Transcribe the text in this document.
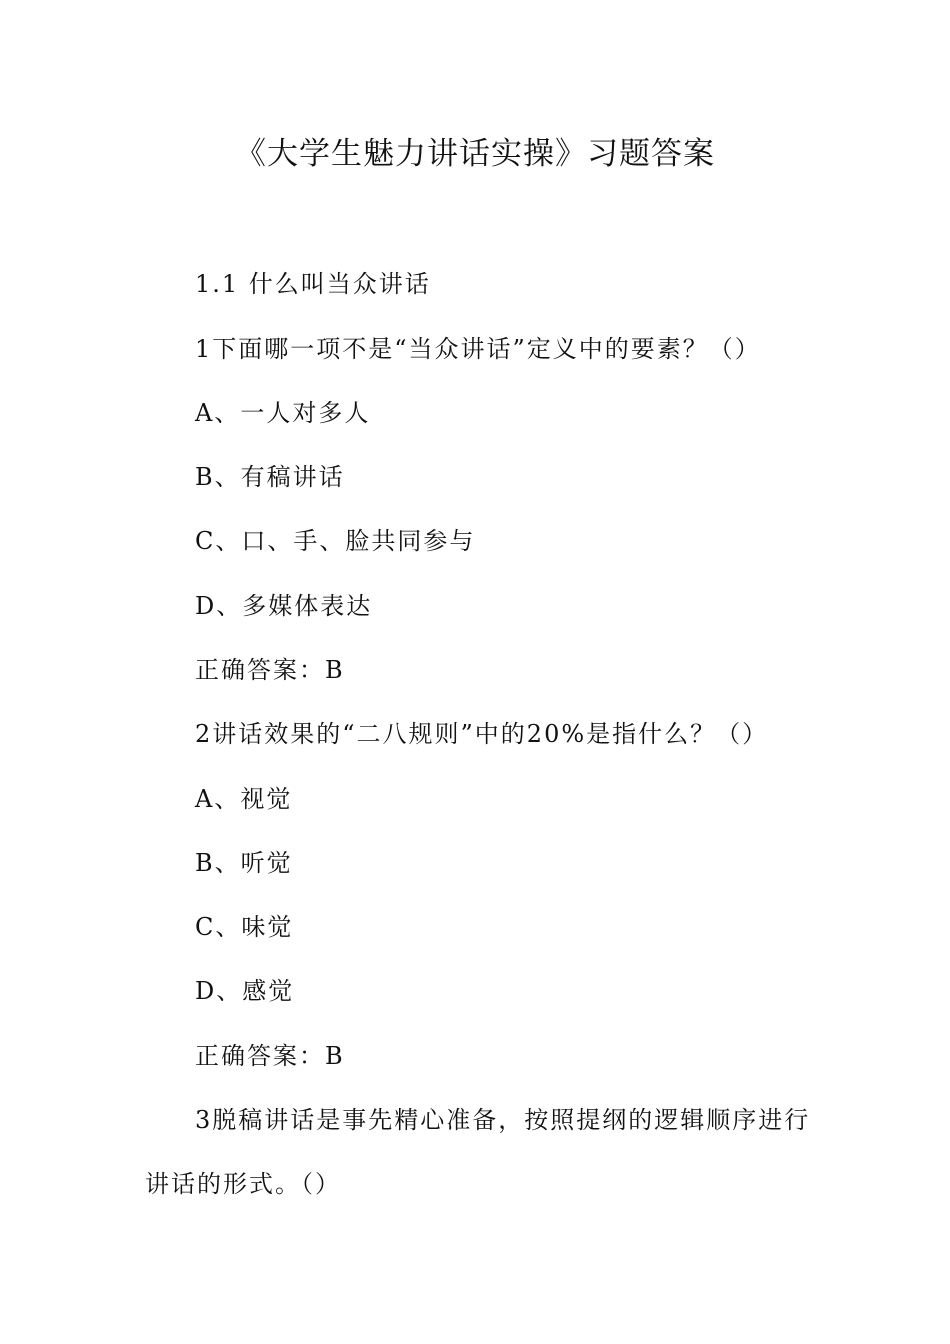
《大学生魅力讲话实操》习题答案
1.1 什么叫当众讲话
1下面哪一项不是“当众讲话”定义中的要素？（）
A、一人对多人
B、有稿讲话
C、口、手、脸共同参与
D、多媒体表达
正确答案：B
2讲话效果的“二八规则”中的20%是指什么？（）
A、视觉
B、听觉
C、味觉
D、感觉
正确答案：B
3脱稿讲话是事先精心准备，按照提纲的逻辑顺序进行
讲话的形式。（）
